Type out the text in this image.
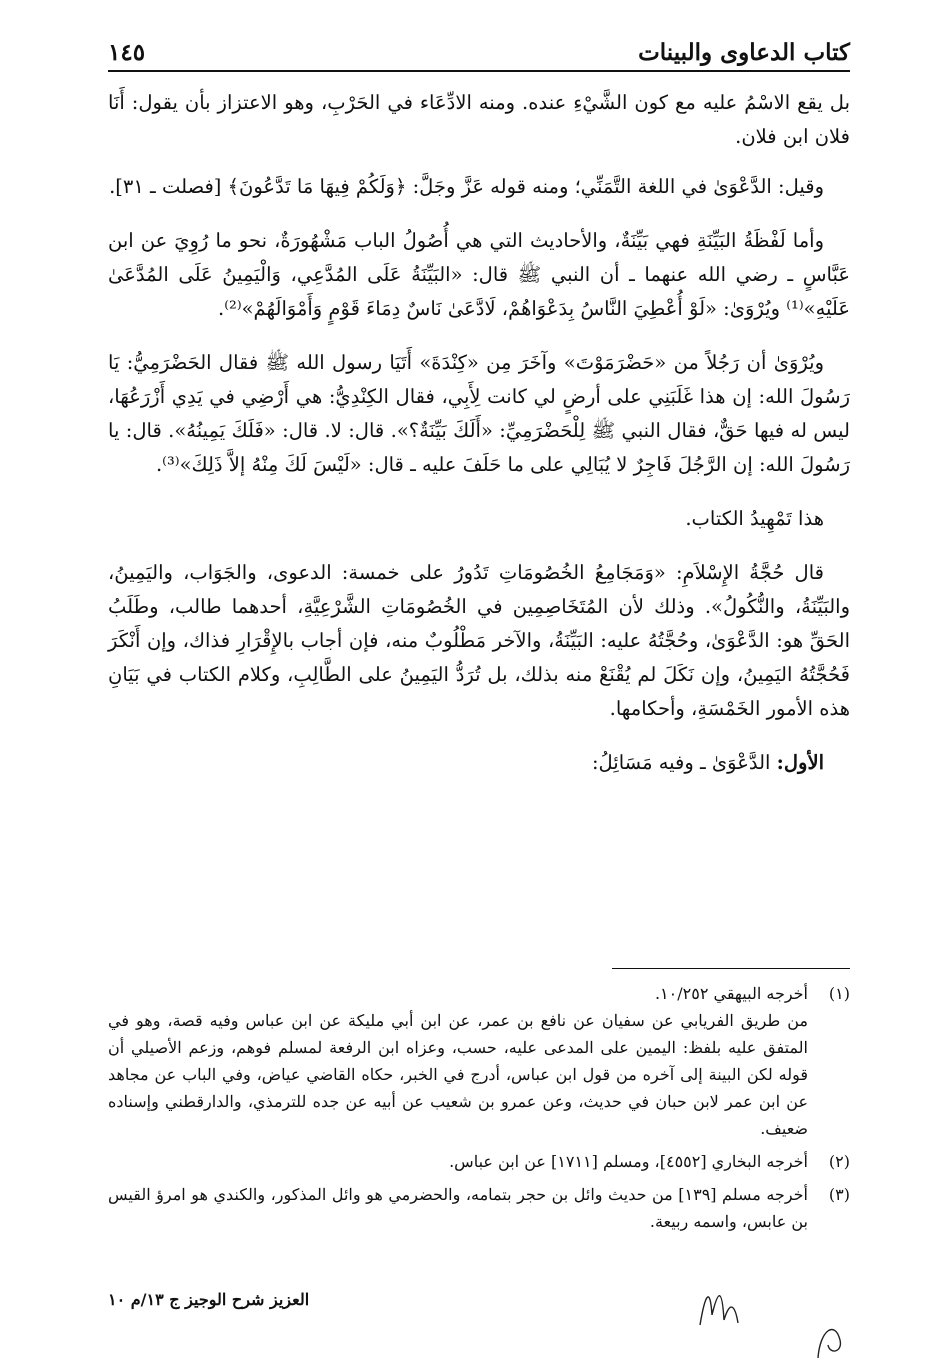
كتاب الدعاوى والبينات
١٤٥

بل يقع الاسْمُ عليه مع كون الشَّيْءِ عنده. ومنه الادِّعَاء في الحَرْبِ، وهو الاعتزاز بأن يقول: أَنَا فلان ابن فلان.

وقيل: الدَّعْوَىٰ في اللغة التَّمَنِّي؛ ومنه قوله عَزَّ وجَلَّ: ﴿وَلَكُمْ فِيهَا مَا تَدَّعُونَ﴾ [فصلت ـ ٣١].

وأما لَفْظَةُ البَيِّنَةِ فهي بَيِّنَةٌ، والأحاديث التي هي أُصُولُ الباب مَشْهُورَةٌ، نحو ما رُوِيَ عن ابن عَبَّاسٍ ـ رضي الله عنهما ـ أن النبي ﷺ قال: «البَيِّنَةُ عَلَى المُدَّعِي، وَالْيَمِينُ عَلَى المُدَّعَىٰ عَلَيْهِ»⁽¹⁾ ويُرْوَىٰ: «لَوْ أُعْطِيَ النَّاسُ بِدَعْوَاهُمْ، لَادَّعَىٰ نَاسٌ دِمَاءَ قَوْمٍ وَأَمْوَالَهُمْ»⁽²⁾.

ويُرْوَىٰ أن رَجُلاً من «حَضْرَمَوْتَ» وآخَرَ مِن «كِنْدَةَ» أَتَيَا رسول الله ﷺ فقال الحَضْرَمِيُّ: يَا رَسُولَ الله: إن هذا غَلَبَنِي على أرضٍ لي كانت لِأَبِي، فقال الكِنْدِيُّ: هي أَرْضِي في يَدِي أَزْرَعُهَا، ليس له فيها حَقٌّ، فقال النبي ﷺ لِلْحَضْرَمِيِّ: «أَلَكَ بَيِّنَةٌ؟». قال: لا. قال: «فَلَكَ يَمِينُهُ». قال: يا رَسُولَ الله: إن الرَّجُلَ فَاجِرٌ لا يُبَالِي على ما حَلَفَ عليه ـ قال: «لَيْسَ لَكَ مِنْهُ إلاَّ ذَلِكَ»⁽³⁾.

هذا تَمْهِيدُ الكتاب.

قال حُجَّةُ الإِسْلاَمِ: «وَمَجَامِعُ الخُصُومَاتِ تَدُورُ على خمسة: الدعوى، والجَوَاب، واليَمِينُ، والبَيِّنَةُ، والنُّكُولُ». وذلك لأن المُتَخَاصِمِين في الخُصُومَاتِ الشَّرْعِيَّةِ، أحدهما طالب، وطَلَبُ الحَقِّ هو: الدَّعْوَىٰ، وحُجَّتُهُ عليه: البَيِّنَةُ، والآخر مَطْلُوبٌ منه، فإن أجاب بالإِقْرَارِ فذاك، وإن أَنْكَرَ فَحُجَّتُهُ اليَمِينُ، وإن نَكَلَ لم يُقْنَعْ منه بذلك، بل تُرَدُّ اليَمِينُ على الطَّالِبِ، وكلام الكتاب في بَيَانِ هذه الأمور الخَمْسَةِ، وأحكامها.

الأول: الدَّعْوَىٰ ـ وفيه مَسَائِلُ:

(١)
أخرجه البيهقي ١٠/٢٥٢.
من طريق الفريابي عن سفيان عن نافع بن عمر، عن ابن أبي مليكة عن ابن عباس وفيه قصة، وهو في المتفق عليه بلفظ: اليمين على المدعى عليه، حسب، وعزاه ابن الرفعة لمسلم فوهم، وزعم الأصيلي أن قوله لكن البينة إلى آخره من قول ابن عباس، أدرج في الخبر، حكاه القاضي عياض، وفي الباب عن مجاهد عن ابن عمر لابن حبان في حديث، وعن عمرو بن شعيب عن أبيه عن جده للترمذي، والدارقطني وإسناده ضعيف.
(٢)
أخرجه البخاري [٤٥٥٢]، ومسلم [١٧١١] عن ابن عباس.
(٣)
أخرجه مسلم [١٣٩] من حديث وائل بن حجر بتمامه، والحضرمي هو وائل المذكور، والكندي هو امرؤ القيس بن عابس، واسمه ربيعة.
العزيز شرح الوجيز ج ١٣/م ١٠
